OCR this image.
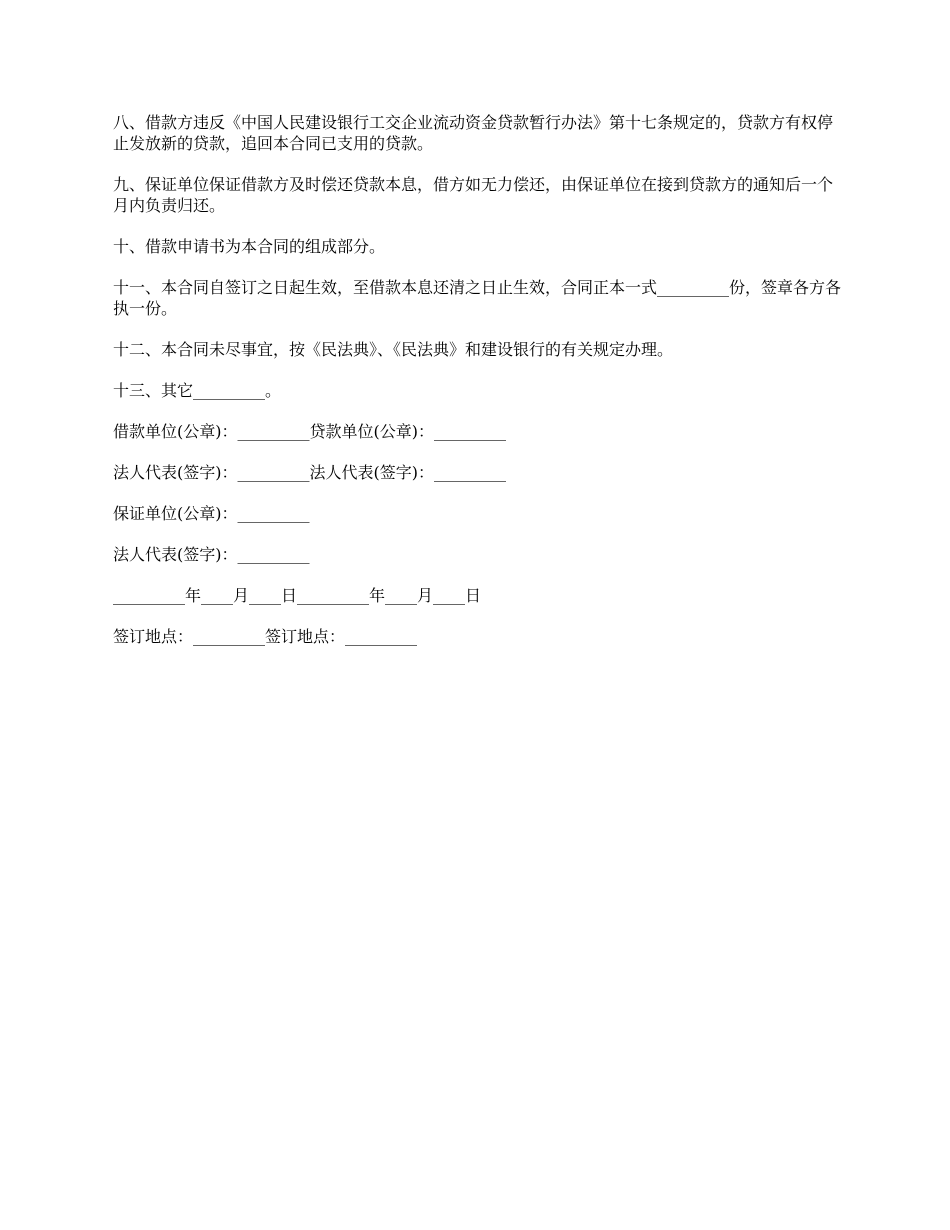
八、借款方违反《中国人民建设银行工交企业流动资金贷款暂行办法》第十七条规定的，贷款方有权停止发放新的贷款，追回本合同已支用的贷款。

九、保证单位保证借款方及时偿还贷款本息，借方如无力偿还，由保证单位在接到贷款方的通知后一个月内负责归还。

十、借款申请书为本合同的组成部分。

十一、本合同自签订之日起生效，至借款本息还清之日止生效，合同正本一式_________份，签章各方各执一份。

十二、本合同未尽事宜，按《民法典》、《民法典》和建设银行的有关规定办理。

十三、其它_________。

借款单位(公章)：_________贷款单位(公章)：_________

法人代表(签字)：_________法人代表(签字)：_________

保证单位(公章)：_________

法人代表(签字)：_________

_________年____月____日_________年____月____日

签订地点：_________签订地点：_________
